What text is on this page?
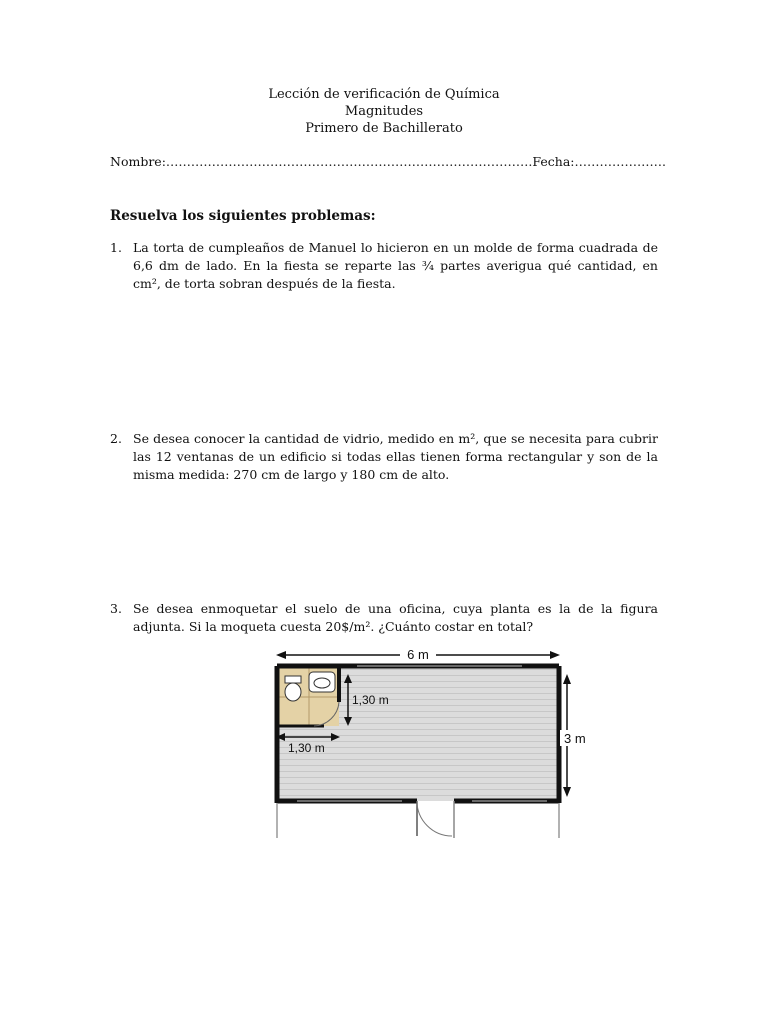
Lección de verificación de Química
Magnitudes
Primero de Bachillerato
Nombre:…………………………………………………………………………….Fecha:………………….
Resuelva los siguientes problemas:
1. La torta de cumpleaños de Manuel lo hicieron en un molde de forma cuadrada de 6,6 dm de lado. En la fiesta se reparte las ¾ partes averigua qué cantidad, en cm², de torta sobran después de la fiesta.
2. Se desea conocer la cantidad de vidrio, medido en m², que se necesita para cubrir las 12 ventanas de un edificio si todas ellas tienen forma rectangular y son de la misma medida: 270 cm de largo y 180 cm de alto.
3. Se desea enmoquetar el suelo de una oficina, cuya planta es la de la figura adjunta. Si la moqueta cuesta 20$/m². ¿Cuánto costar en total?
6 m
3 m
1,30 m
1,30 m
